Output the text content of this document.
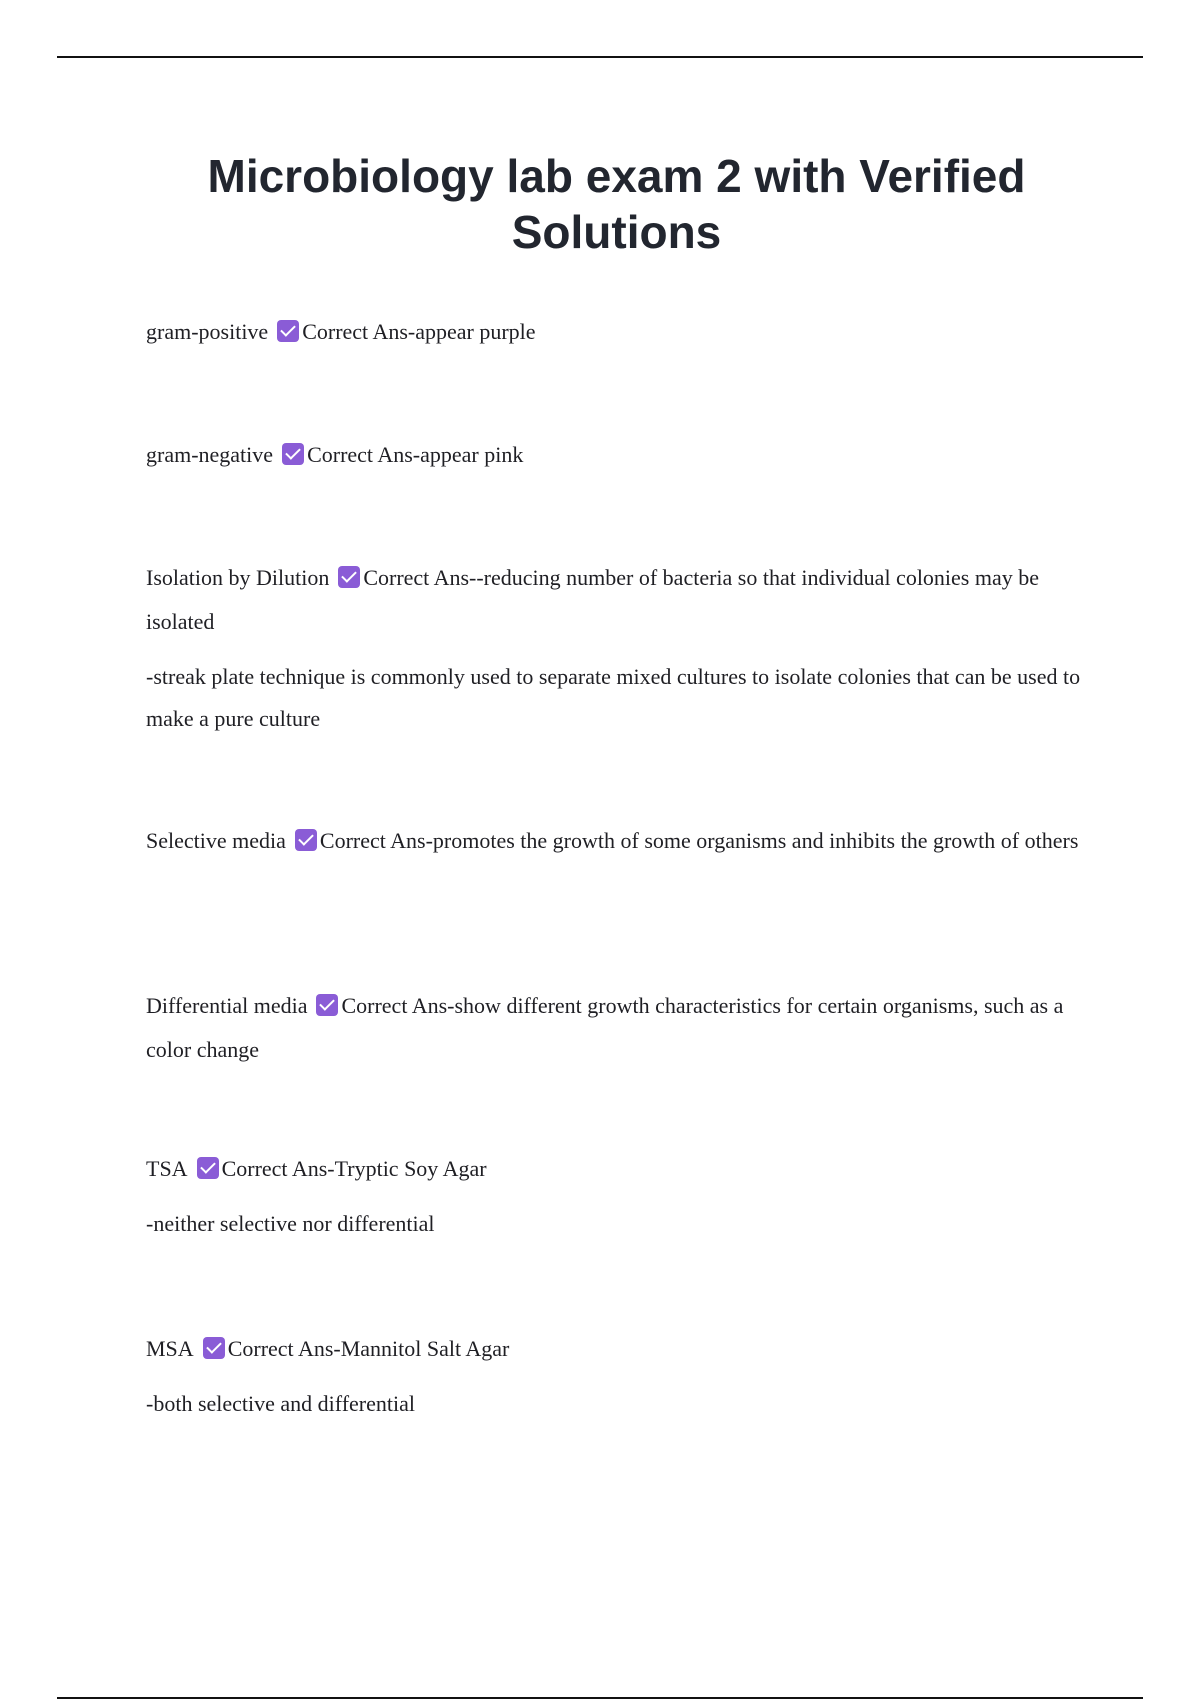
Microbiology lab exam 2 with Verified Solutions

gram-positive Correct Ans-appear purple

gram-negative Correct Ans-appear pink

Isolation by Dilution Correct Ans--reducing number of bacteria so that individual colonies may be isolated

-streak plate technique is commonly used to separate mixed cultures to isolate colonies that can be used to make a pure culture

Selective media Correct Ans-promotes the growth of some organisms and inhibits the growth of others

Differential media Correct Ans-show different growth characteristics for certain organisms, such as a color change

TSA Correct Ans-Tryptic Soy Agar

-neither selective nor differential

MSA Correct Ans-Mannitol Salt Agar

-both selective and differential
